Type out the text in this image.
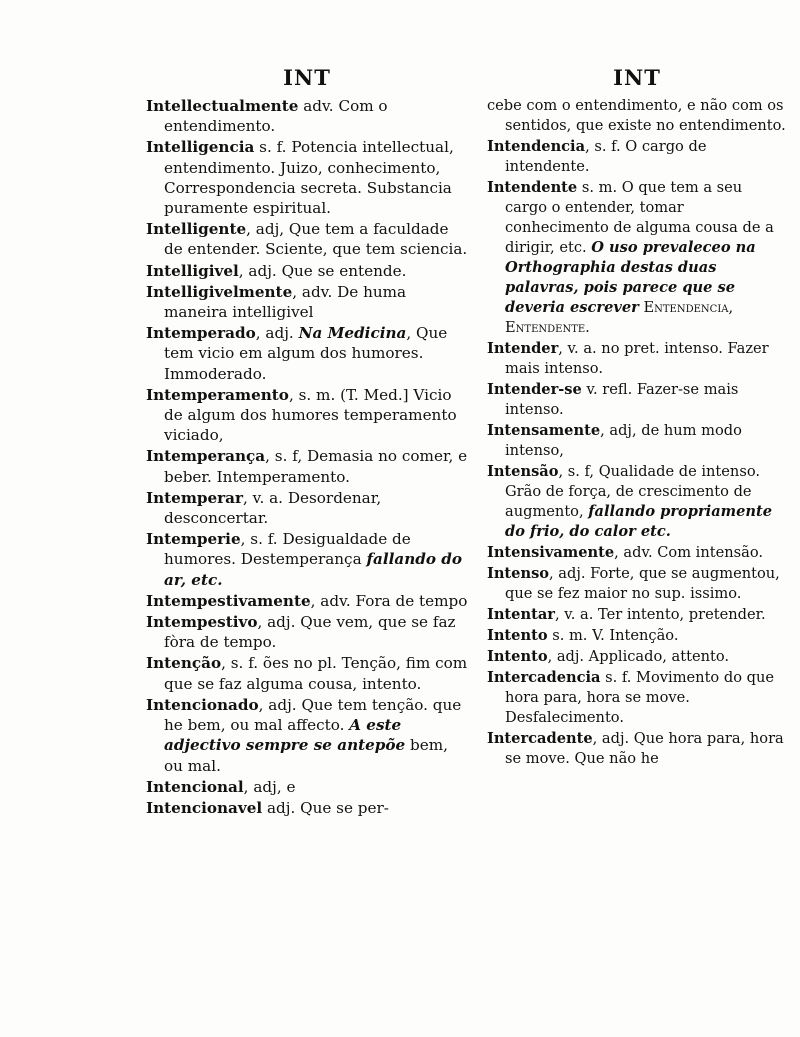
INT
Intellectualmente adv. Com o entendimento.
Intelligencia s. f. Potencia intellectual, entendimento. Juizo, conhecimento, Correspondencia secreta. Substancia puramente espiritual.
Intelligente, adj, Que tem a faculdade de entender. Sciente, que tem sciencia.
Intelligivel, adj. Que se entende.
Intelligivelmente, adv. De huma maneira intelligivel
Intemperado, adj. Na Medicina, Que tem vicio em algum dos humores. Immoderado.
Intemperamento, s. m. (T. Med.] Vicio de algum dos humores temperamento viciado,
Intemperança, s. f, Demasia no comer, e beber. Intemperamento.
Intemperar, v. a. Desordenar, desconcertar.
Intemperie, s. f. Desigualdade de humores. Destemperança fallando do ar, etc.
Intempestivamente, adv. Fora de tempo
Intempestivo, adj. Que vem, que se faz fòra de tempo.
Intenção, s. f. ões no pl. Tenção, fim com que se faz alguma cousa, intento.
Intencionado, adj. Que tem tenção. que he bem, ou mal affecto. A este adjectivo sempre se antepõe bem, ou mal.
Intencional, adj, e
Intencionavel adj. Que se per-
INT
cebe com o entendimento, e não com os sentidos, que existe no entendimento.
Intendencia, s. f. O cargo de intendente.
Intendente s. m. O que tem a seu cargo o entender, tomar conhecimento de alguma cousa de a dirigir, etc. O uso prevaleceo na Orthographia destas duas palavras, pois parece que se deveria escrever Entendencia, Entendente.
Intender, v. a. no pret. intenso. Fazer mais intenso.
Intender-se v. refl. Fazer-se mais intenso.
Intensamente, adj, de hum modo intenso,
Intensão, s. f, Qualidade de intenso. Grão de força, de crescimento de augmento, fallando propriamente do frio, do calor etc.
Intensivamente, adv. Com intensão.
Intenso, adj. Forte, que se augmentou, que se fez maior no sup. issimo.
Intentar, v. a. Ter intento, pretender.
Intento s. m. V. Intenção.
Intento, adj. Applicado, attento.
Intercadencia s. f. Movimento do que hora para, hora se move. Desfalecimento.
Intercadente, adj. Que hora para, hora se move. Que não he
